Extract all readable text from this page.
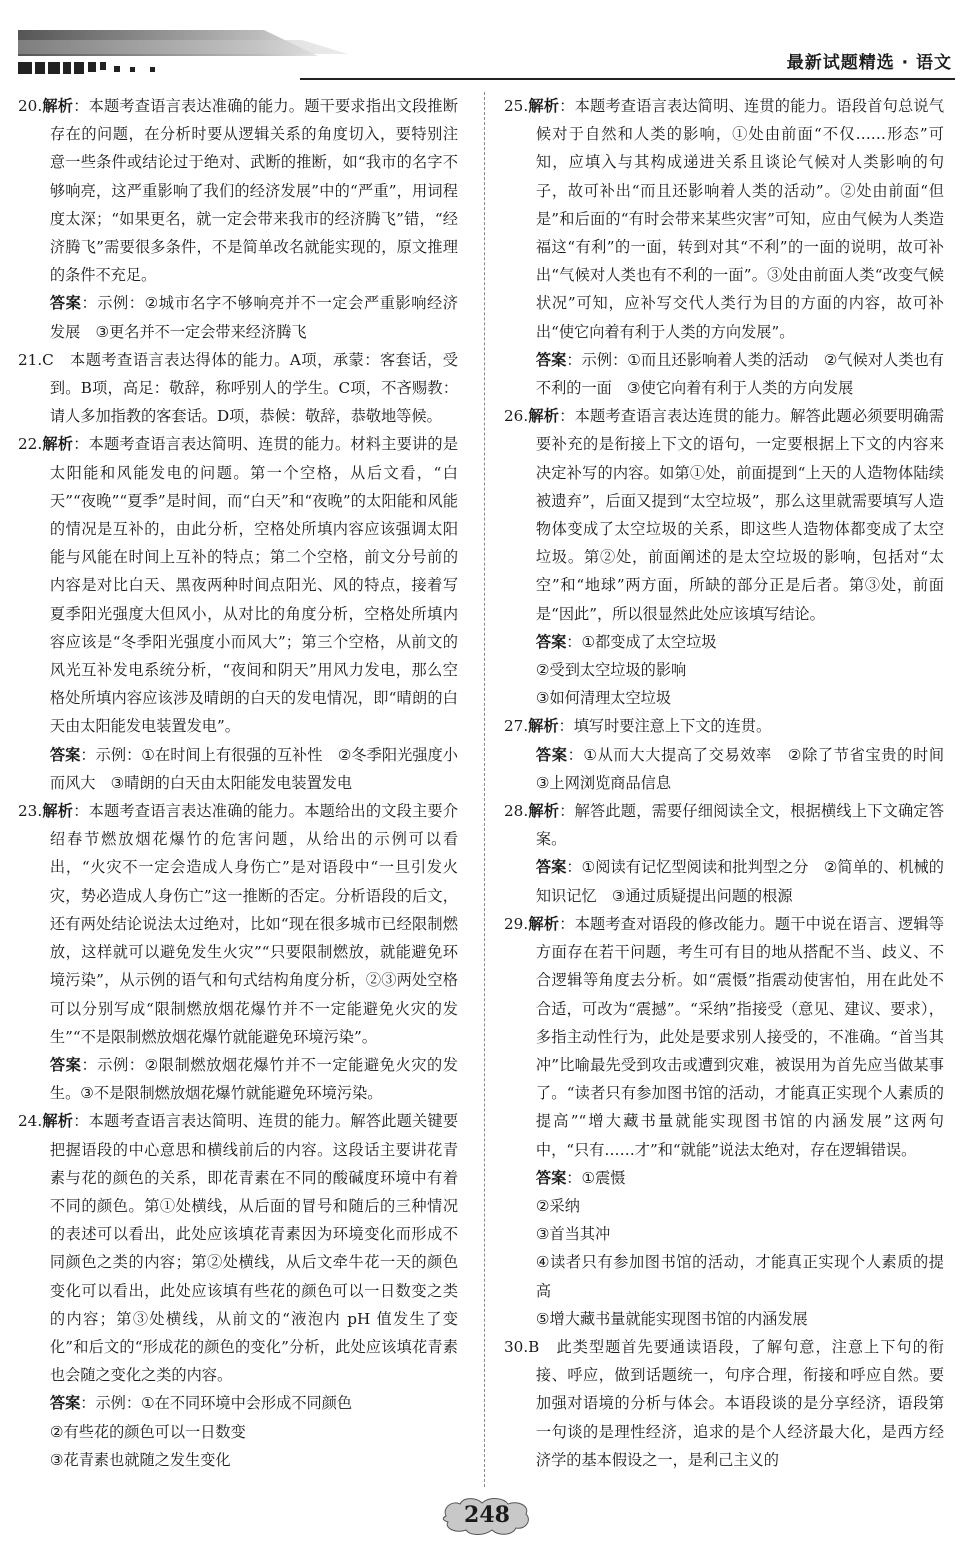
最新试题精选 · 语文

20.解析：本题考查语言表达准确的能力。题干要求指出文段推断存在的问题，在分析时要从逻辑关系的角度切入，要特别注意一些条件或结论过于绝对、武断的推断，如“我市的名字不够响亮，这严重影响了我们的经济发展”中的“严重”，用词程度太深；“如果更名，就一定会带来我市的经济腾飞”错，“经济腾飞”需要很多条件，不是简单改名就能实现的，原文推理的条件不充足。

答案：示例：②城市名字不够响亮并不一定会严重影响经济发展　③更名并不一定会带来经济腾飞

21.C　本题考查语言表达得体的能力。A项，承蒙：客套话，受到。B项，高足：敬辞，称呼别人的学生。C项，不吝赐教：请人多加指教的客套话。D项，恭候：敬辞，恭敬地等候。

22.解析：本题考查语言表达简明、连贯的能力。材料主要讲的是太阳能和风能发电的问题。第一个空格，从后文看，“白天”“夜晚”“夏季”是时间，而“白天”和“夜晚”的太阳能和风能的情况是互补的，由此分析，空格处所填内容应该强调太阳能与风能在时间上互补的特点；第二个空格，前文分号前的内容是对比白天、黑夜两种时间点阳光、风的特点，接着写夏季阳光强度大但风小，从对比的角度分析，空格处所填内容应该是“冬季阳光强度小而风大”；第三个空格，从前文的风光互补发电系统分析，“夜间和阴天”用风力发电，那么空格处所填内容应该涉及晴朗的白天的发电情况，即“晴朗的白天由太阳能发电装置发电”。

答案：示例：①在时间上有很强的互补性　②冬季阳光强度小而风大　③晴朗的白天由太阳能发电装置发电

23.解析：本题考查语言表达准确的能力。本题给出的文段主要介绍春节燃放烟花爆竹的危害问题，从给出的示例可以看出，“火灾不一定会造成人身伤亡”是对语段中“一旦引发火灾，势必造成人身伤亡”这一推断的否定。分析语段的后文，还有两处结论说法太过绝对，比如“现在很多城市已经限制燃放，这样就可以避免发生火灾”“只要限制燃放，就能避免环境污染”，从示例的语气和句式结构角度分析，②③两处空格可以分别写成“限制燃放烟花爆竹并不一定能避免火灾的发生”“不是限制燃放烟花爆竹就能避免环境污染”。

答案：示例：②限制燃放烟花爆竹并不一定能避免火灾的发生。③不是限制燃放烟花爆竹就能避免环境污染。

24.解析：本题考查语言表达简明、连贯的能力。解答此题关键要把握语段的中心意思和横线前后的内容。这段话主要讲花青素与花的颜色的关系，即花青素在不同的酸碱度环境中有着不同的颜色。第①处横线，从后面的冒号和随后的三种情况的表述可以看出，此处应该填花青素因为环境变化而形成不同颜色之类的内容；第②处横线，从后文牵牛花一天的颜色变化可以看出，此处应该填有些花的颜色可以一日数变之类的内容；第③处横线，从前文的“液泡内 pH 值发生了变化”和后文的“形成花的颜色的变化”分析，此处应该填花青素也会随之变化之类的内容。

答案：示例：①在不同环境中会形成不同颜色

②有些花的颜色可以一日数变

③花青素也就随之发生变化

25.解析：本题考查语言表达简明、连贯的能力。语段首句总说气候对于自然和人类的影响，①处由前面“不仅……形态”可知，应填入与其构成递进关系且谈论气候对人类影响的句子，故可补出“而且还影响着人类的活动”。②处由前面“但是”和后面的“有时会带来某些灾害”可知，应由气候为人类造福这“有利”的一面，转到对其“不利”的一面的说明，故可补出“气候对人类也有不利的一面”。③处由前面人类“改变气候状况”可知，应补写交代人类行为目的方面的内容，故可补出“使它向着有利于人类的方向发展”。

答案：示例：①而且还影响着人类的活动　②气候对人类也有不利的一面　③使它向着有利于人类的方向发展

26.解析：本题考查语言表达连贯的能力。解答此题必须要明确需要补充的是衔接上下文的语句，一定要根据上下文的内容来决定补写的内容。如第①处，前面提到“上天的人造物体陆续被遗弃”，后面又提到“太空垃圾”，那么这里就需要填写人造物体变成了太空垃圾的关系，即这些人造物体都变成了太空垃圾。第②处，前面阐述的是太空垃圾的影响，包括对“太空”和“地球”两方面，所缺的部分正是后者。第③处，前面是“因此”，所以很显然此处应该填写结论。

答案：①都变成了太空垃圾

②受到太空垃圾的影响

③如何清理太空垃圾

27.解析：填写时要注意上下文的连贯。

答案：①从而大大提高了交易效率　②除了节省宝贵的时间　③上网浏览商品信息

28.解析：解答此题，需要仔细阅读全文，根据横线上下文确定答案。

答案：①阅读有记忆型阅读和批判型之分　②简单的、机械的知识记忆　③通过质疑提出问题的根源

29.解析：本题考查对语段的修改能力。题干中说在语言、逻辑等方面存在若干问题，考生可有目的地从搭配不当、歧义、不合逻辑等角度去分析。如“震慑”指震动使害怕，用在此处不合适，可改为“震撼”。“采纳”指接受（意见、建议、要求），多指主动性行为，此处是要求别人接受的，不准确。“首当其冲”比喻最先受到攻击或遭到灾难，被误用为首先应当做某事了。“读者只有参加图书馆的活动，才能真正实现个人素质的提高”“增大藏书量就能实现图书馆的内涵发展”这两句中，“只有……才”和“就能”说法太绝对，存在逻辑错误。

答案：①震慑

②采纳

③首当其冲

④读者只有参加图书馆的活动，才能真正实现个人素质的提高

⑤增大藏书量就能实现图书馆的内涵发展

30.B　此类型题首先要通读语段，了解句意，注意上下句的衔接、呼应，做到话题统一，句序合理，衔接和呼应自然。要加强对语境的分析与体会。本语段谈的是分享经济，语段第一句谈的是理性经济，追求的是个人经济最大化，是西方经济学的基本假设之一，是利己主义的

248
